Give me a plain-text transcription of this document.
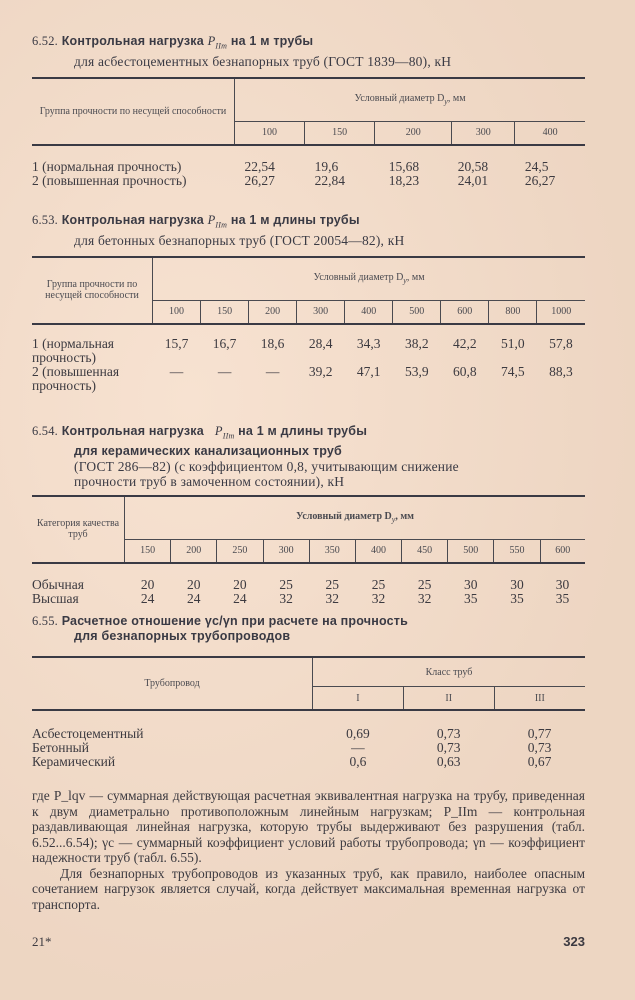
6.52. Контрольная нагрузка $P_{IIm}$ на 1 м трубы
для асбестоцементных безнапорных труб (ГОСТ 1839—80), кН
Группа прочности по несущей способности	Условный диаметр $D_y$, мм				
	100	150	200	300	400

1 (нормальная прочность)	22,54	19,6	15,68	20,58	24,5
2 (повышенная прочность)	26,27	22,84	18,23	24,01	26,27
6.53. Контрольная нагрузка $P_{IIm}$ на 1 м длины трубы
для бетонных безнапорных труб (ГОСТ 20054—82), кН
Группа прочности по несущей способности	Условный диаметр $D_y$, мм								
	100	150	200	300	400	500	600	800	1000

1 (нормальная прочность)	15,7	16,7	18,6	28,4	34,3	38,2	42,2	51,0	57,8
2 (повышенная прочность)	—	—	—	39,2	47,1	53,9	60,8	74,5	88,3
6.54. Контрольная нагрузка $P_{IIm}$ на 1 м длины трубы
для керамических канализационных труб
(ГОСТ 286—82) (с коэффициентом 0,8, учитывающим снижение
прочности труб в замоченном состоянии), кН
Категория качества труб	Условный диаметр $D_y$, мм									
	150	200	250	300	350	400	450	500	550	600

Обычная	20	20	20	25	25	25	25	30	30	30
Высшая	24	24	24	32	32	32	32	35	35	35
6.55. Расчетное отношение γc/γn при расчете на прочность
для безнапорных трубопроводов
Трубопровод	Класс труб		
	I	II	III

Асбестоцементный	0,69	0,73	0,77
Бетонный	—	0,73	0,73
Керамический	0,6	0,63	0,67

где P_lqv — суммарная действующая расчетная эквивалентная нагрузка на трубу, приведенная к двум диаметрально противоположным линейным нагрузкам; P_IIm — контрольная раздавливающая линейная нагрузка, которую трубы выдерживают без разрушения (табл. 6.52...6.54); γc — суммарный коэффициент условий работы трубопровода; γn — коэффициент надежности труб (табл. 6.55).

Для безнапорных трубопроводов из указанных труб, как правило, наиболее опасным сочетанием нагрузок является случай, когда действует максимальная временная нагрузка от транспорта.

21*	323
